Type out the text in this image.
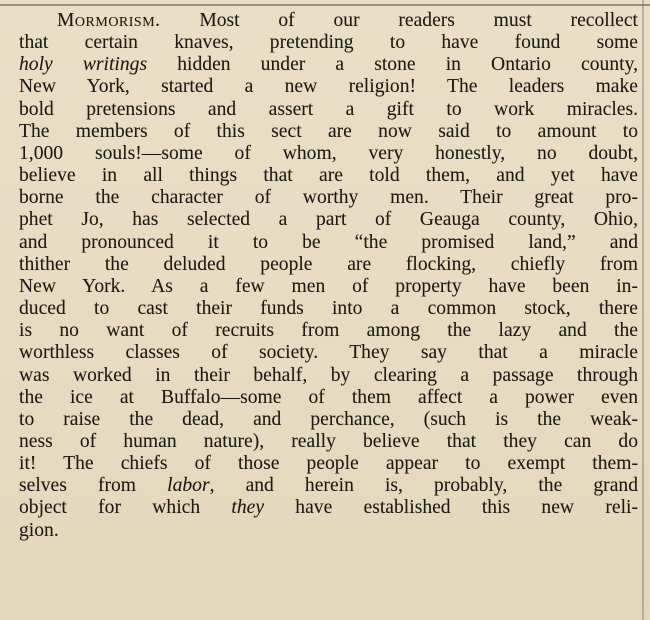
Mormorism. Most of our readers must recollect
that certain knaves, pretending to have found some
holy writings hidden under a stone in Ontario county,
New York, started a new religion! The leaders make
bold pretensions and assert a gift to work miracles.
The members of this sect are now said to amount to
1,000 souls!—some of whom, very honestly, no doubt,
believe in all things that are told them, and yet have
borne the character of worthy men. Their great pro-
phet Jo, has selected a part of Geauga county, Ohio,
and pronounced it to be “the promised land,” and
thither the deluded people are flocking, chiefly from
New York. As a few men of property have been in-
duced to cast their funds into a common stock, there
is no want of recruits from among the lazy and the
worthless classes of society. They say that a miracle
was worked in their behalf, by clearing a passage through
the ice at Buffalo—some of them affect a power even
to raise the dead, and perchance, (such is the weak-
ness of human nature), really believe that they can do
it! The chiefs of those people appear to exempt them-
selves from labor, and herein is, probably, the grand
object for which they have established this new reli-
gion.
